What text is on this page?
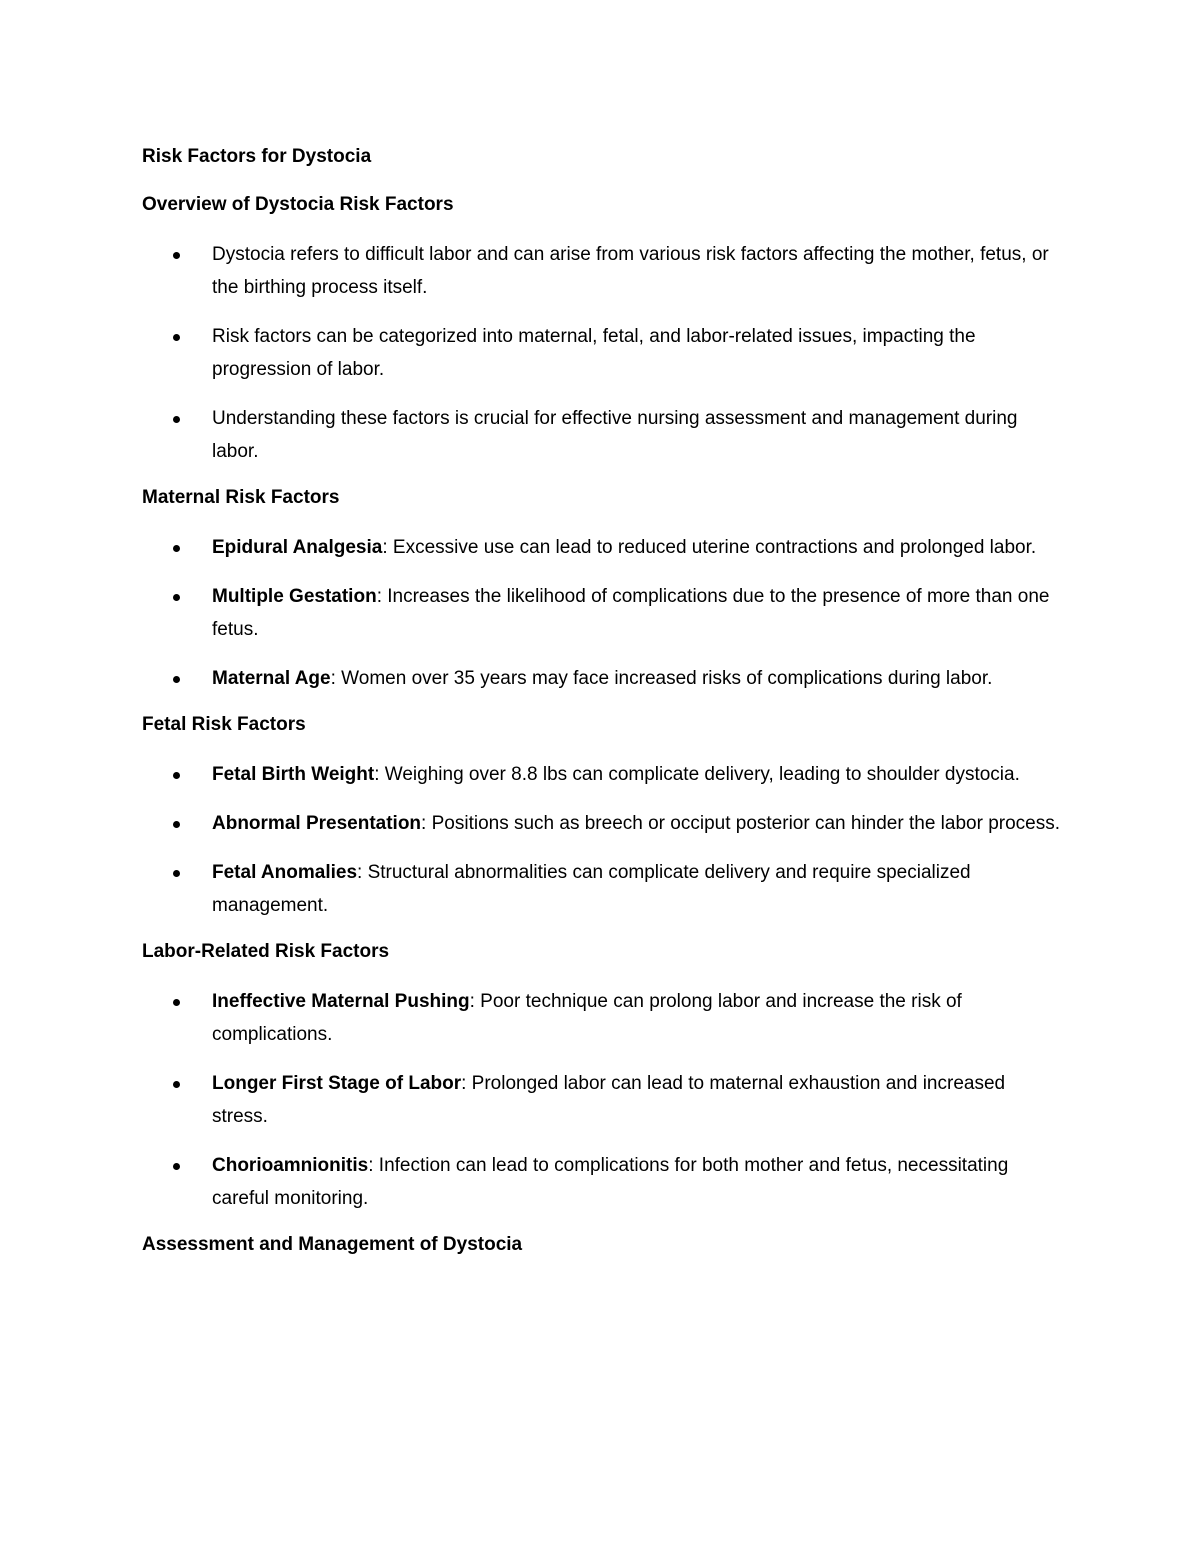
Risk Factors for Dystocia
Overview of Dystocia Risk Factors
Dystocia refers to difficult labor and can arise from various risk factors affecting the mother, fetus, or the birthing process itself.
Risk factors can be categorized into maternal, fetal, and labor-related issues, impacting the progression of labor.
Understanding these factors is crucial for effective nursing assessment and management during labor.
Maternal Risk Factors
Epidural Analgesia: Excessive use can lead to reduced uterine contractions and prolonged labor.
Multiple Gestation: Increases the likelihood of complications due to the presence of more than one fetus.
Maternal Age: Women over 35 years may face increased risks of complications during labor.
Fetal Risk Factors
Fetal Birth Weight: Weighing over 8.8 lbs can complicate delivery, leading to shoulder dystocia.
Abnormal Presentation: Positions such as breech or occiput posterior can hinder the labor process.
Fetal Anomalies: Structural abnormalities can complicate delivery and require specialized management.
Labor-Related Risk Factors
Ineffective Maternal Pushing: Poor technique can prolong labor and increase the risk of complications.
Longer First Stage of Labor: Prolonged labor can lead to maternal exhaustion and increased stress.
Chorioamnionitis: Infection can lead to complications for both mother and fetus, necessitating careful monitoring.
Assessment and Management of Dystocia
